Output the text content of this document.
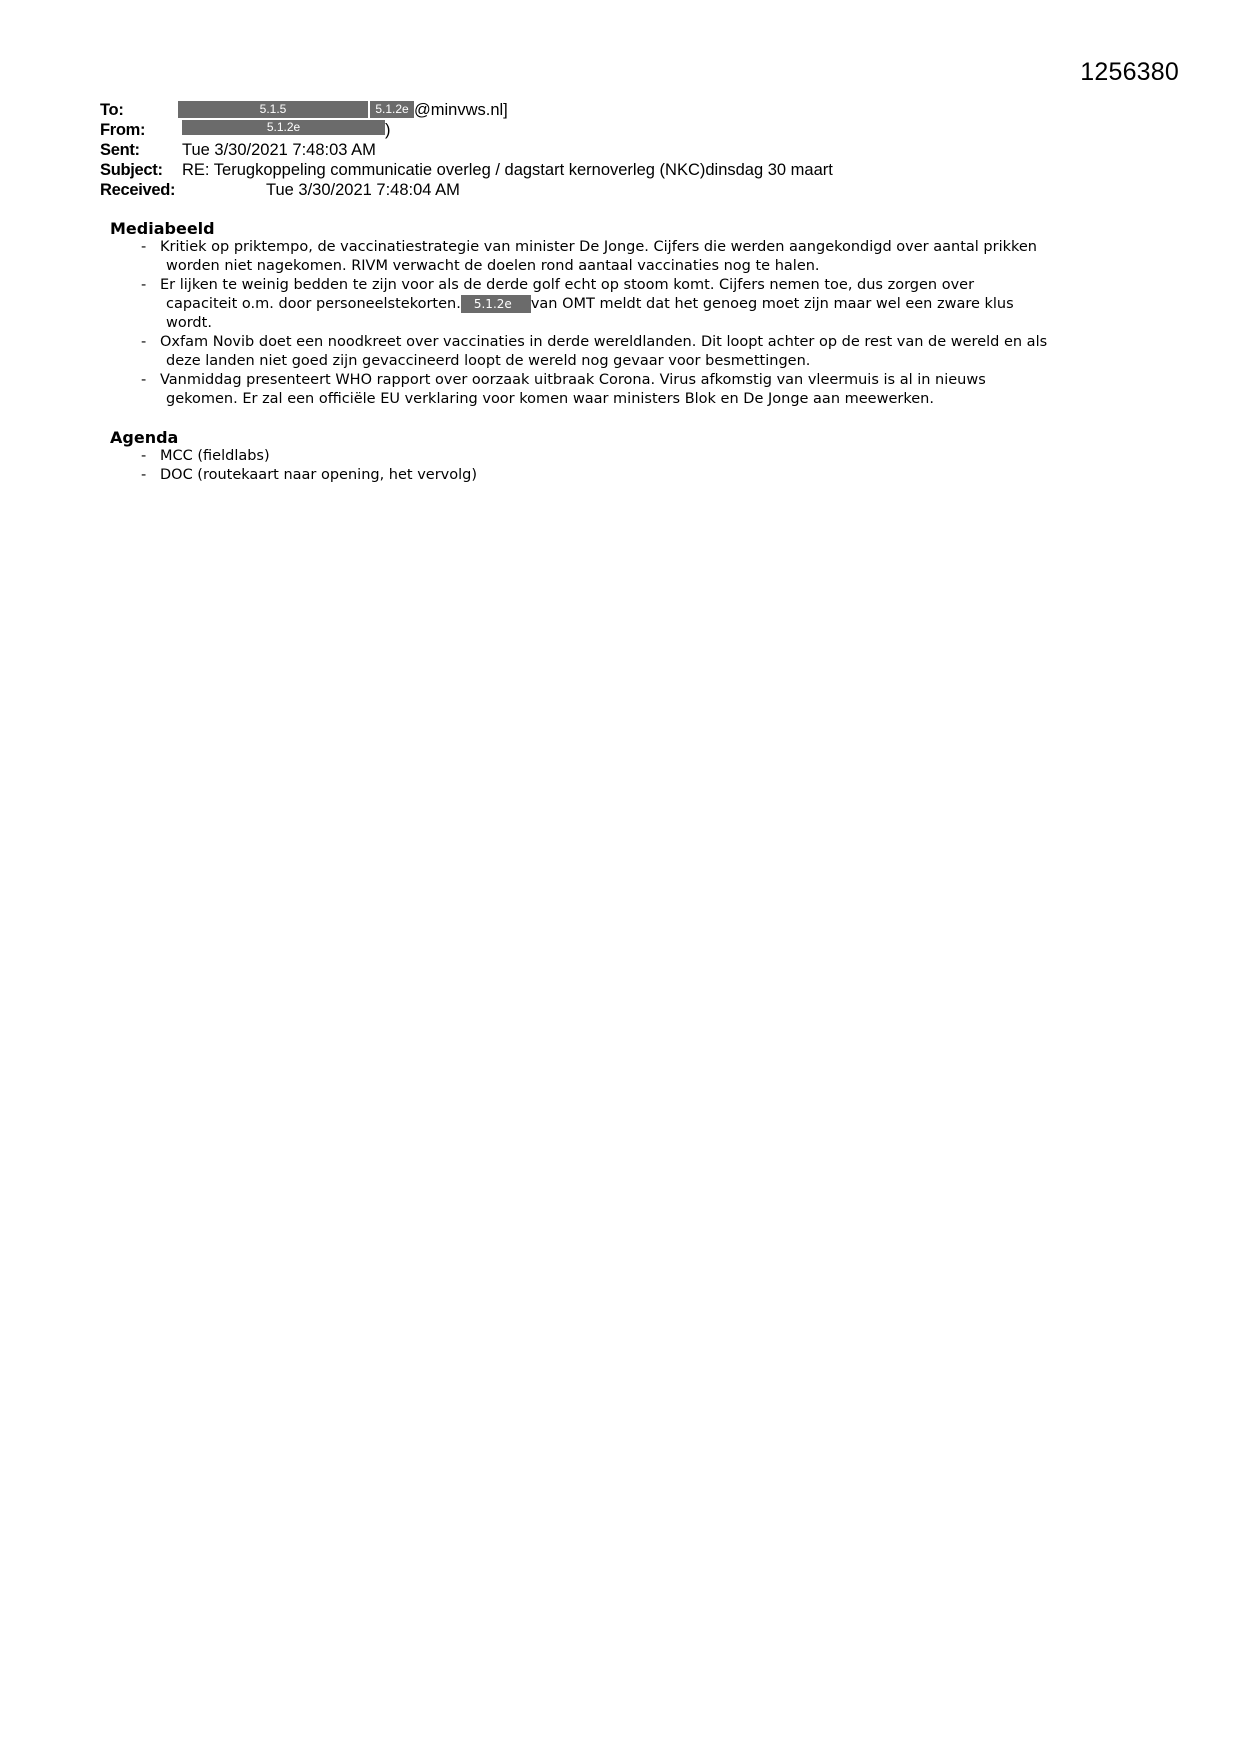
1256380
To:	5.1.5	5.1.2e @minvws.nl]
From:	5.1.2e	)
Sent:	Tue 3/30/2021 7:48:03 AM
Subject: RE: Terugkoppeling communicatie overleg / dagstart kernoverleg (NKC)dinsdag 30 maart
Received:	Tue 3/30/2021 7:48:04 AM
Mediabeeld
- Kritiek op priktempo, de vaccinatiestrategie van minister De Jonge. Cijfers die werden aangekondigd over aantal prikken
worden niet nagekomen. RIVM verwacht de doelen rond aantaal vaccinaties nog te halen.
- Er lijken te weinig bedden te zijn voor als de derde golf echt op stoom komt. Cijfers nemen toe, dus zorgen over
capaciteit o.m. door personeelstekorten. 5.1.2e van OMT meldt dat het genoeg moet zijn maar wel een zware klus
wordt.
- Oxfam Novib doet een noodkreet over vaccinaties in derde wereldlanden. Dit loopt achter op de rest van de wereld en als
deze landen niet goed zijn gevaccineerd loopt de wereld nog gevaar voor besmettingen.
- Vanmiddag presenteert WHO rapport over oorzaak uitbraak Corona. Virus afkomstig van vleermuis is al in nieuws
gekomen. Er zal een officiële EU verklaring voor komen waar ministers Blok en De Jonge aan meewerken.
Agenda
- MCC (fieldlabs)
- DOC (routekaart naar opening, het vervolg)
